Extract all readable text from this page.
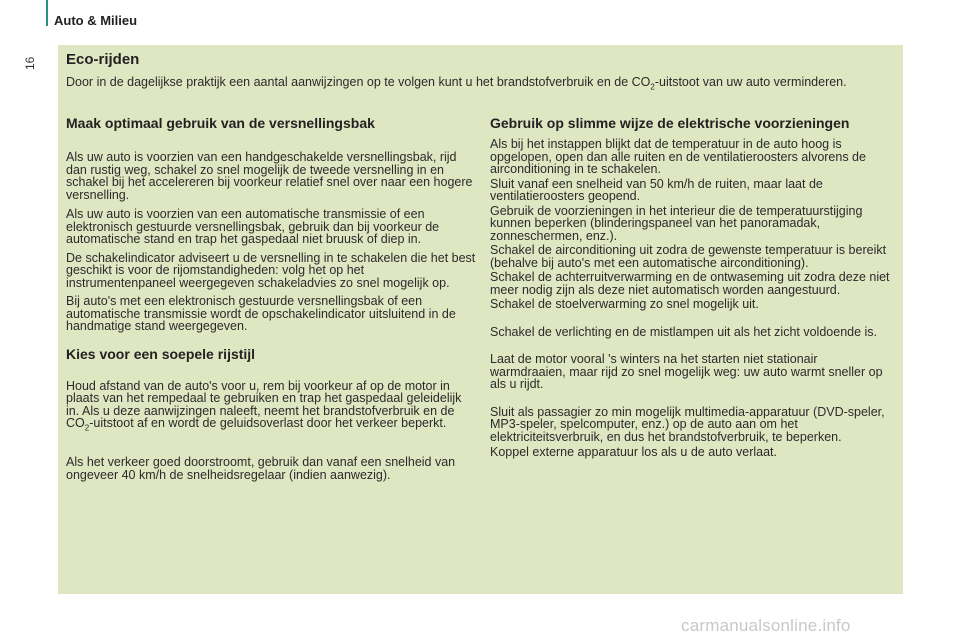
Auto & Milieu
16 Eco-rijden
Door in de dagelijkse praktijk een aantal aanwijzingen op te volgen kunt u het brandstofverbruik en de $CO_2$-uitstoot van uw auto verminderen.
Maak optimaal gebruik van de versnellingsbak

Als uw auto is voorzien van een handgeschakelde versnellingsbak, rijd dan rustig weg, schakel zo snel mogelijk de tweede versnelling in en schakel bij het accelereren bij voorkeur relatief snel over naar een hogere versnelling.

Als uw auto is voorzien van een automatische transmissie of een elektronisch gestuurde versnellingsbak, gebruik dan bij voorkeur de automatische stand en trap het gaspedaal niet bruusk of diep in.

De schakelindicator adviseert u de versnelling in te schakelen die het best geschikt is voor de rijomstandigheden: volg het op het instrumentenpaneel weergegeven schakeladvies zo snel mogelijk op.

Bij auto's met een elektronisch gestuurde versnellingsbak of een automatische transmissie wordt de opschakelindicator uitsluitend in de handmatige stand weergegeven.

Kies voor een soepele rijstijl

Houd afstand van de auto's voor u, rem bij voorkeur af op de motor in plaats van het rempedaal te gebruiken en trap het gaspedaal geleidelijk in. Als u deze aanwijzingen naleeft, neemt het brandstofverbruik en de $CO_2$-uitstoot af en wordt de geluidsoverlast door het verkeer beperkt.

Als het verkeer goed doorstroomt, gebruik dan vanaf een snelheid van ongeveer 40 km/h de snelheidsregelaar (indien aanwezig).

Gebruik op slimme wijze de elektrische voorzieningen

Als bij het instappen blijkt dat de temperatuur in de auto hoog is opgelopen, open dan alle ruiten en de ventilatieroosters alvorens de airconditioning in te schakelen.

Sluit vanaf een snelheid van 50 km/h de ruiten, maar laat de ventilatieroosters geopend.

Gebruik de voorzieningen in het interieur die de temperatuurstijging kunnen beperken (blinderingspaneel van het panoramadak, zonneschermen, enz.).

Schakel de airconditioning uit zodra de gewenste temperatuur is bereikt (behalve bij auto's met een automatische airconditioning).

Schakel de achterruitverwarming en de ontwaseming uit zodra deze niet meer nodig zijn als deze niet automatisch worden aangestuurd.

Schakel de stoelverwarming zo snel mogelijk uit.

Schakel de verlichting en de mistlampen uit als het zicht voldoende is.

Laat de motor vooral 's winters na het starten niet stationair warmdraaien, maar rijd zo snel mogelijk weg: uw auto warmt sneller op als u rijdt.

Sluit als passagier zo min mogelijk multimedia-apparatuur (DVD-speler, MP3-speler, spelcomputer, enz.) op de auto aan om het elektriciteitsverbruik, en dus het brandstofverbruik, te beperken.

Koppel externe apparatuur los als u de auto verlaat.

carmanualsonline.info
